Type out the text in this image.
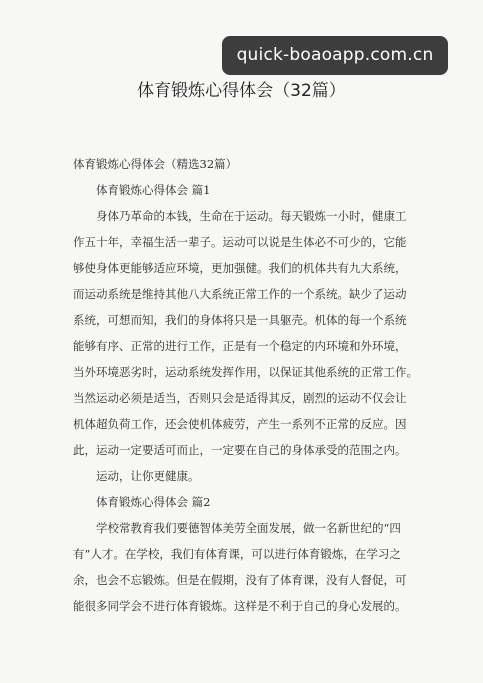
体育锻炼心得体会（32篇）
体育锻炼心得体会（精选32篇）
体育锻炼心得体会 篇1
身体乃革命的本钱，生命在于运动。每天锻炼一小时，健康工
作五十年，幸福生活一辈子。运动可以说是生体必不可少的，它能
够使身体更能够适应环境，更加强健。我们的机体共有九大系统，
而运动系统是维持其他八大系统正常工作的一个系统。缺少了运动
系统，可想而知，我们的身体将只是一具躯壳。机体的每一个系统
能够有序、正常的进行工作，正是有一个稳定的内环境和外环境，
当外环境恶劣时，运动系统发挥作用，以保证其他系统的正常工作。
当然运动必须是适当，否则只会是适得其反，剧烈的运动不仅会让
机体超负荷工作，还会使机体疲劳，产生一系列不正常的反应。因
此，运动一定要适可而止，一定要在自己的身体承受的范围之内。
运动，让你更健康。
体育锻炼心得体会 篇2
学校常教育我们要德智体美劳全面发展，做一名新世纪的“四
有”人才。在学校，我们有体育课，可以进行体育锻炼，在学习之
余，也会不忘锻炼。但是在假期，没有了体育课，没有人督促，可
能很多同学会不进行体育锻炼。这样是不利于自己的身心发展的。
quick-boaoapp.com.cn
